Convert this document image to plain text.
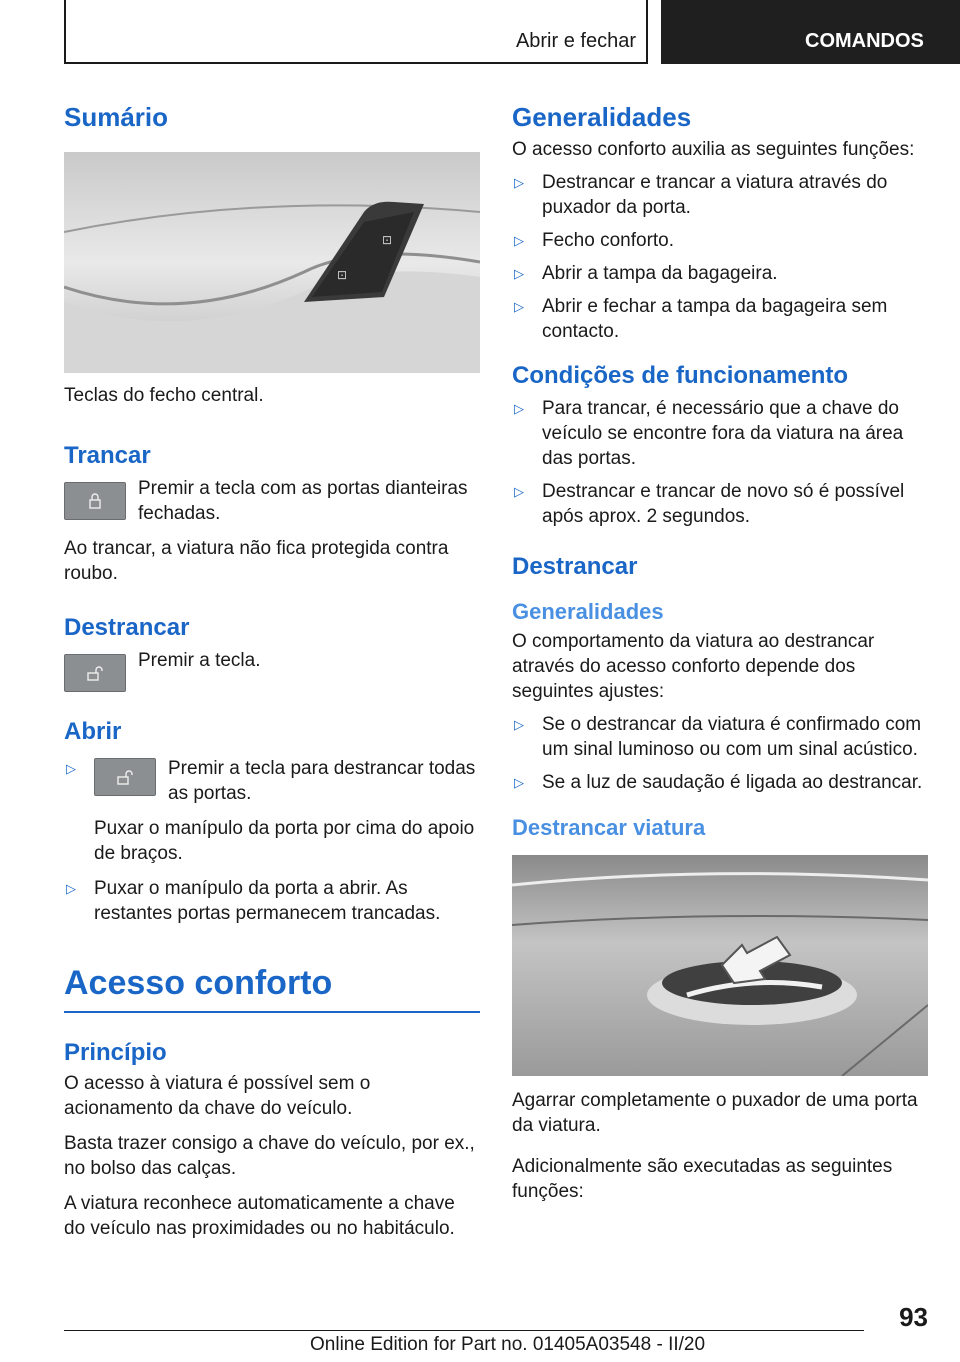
Abrir e fechar	COMANDOS
Sumário
⊡
⊡

Teclas do fecho central.

Trancar

Premir a tecla com as portas dianteiras fechadas.

Ao trancar, a viatura não fica protegida contra roubo.

Destrancar

Premir a tecla.

Abrir
▷	Premir a tecla para destrancar todas as portas.

Puxar o manípulo da porta por cima do apoio de braços.

▷ Puxar o manípulo da porta a abrir. As restantes portas permanecem trancadas.

Acesso conforto
Princípio

O acesso à viatura é possível sem o acionamento da chave do veículo.

Basta trazer consigo a chave do veículo, por ex., no bolso das calças.

A viatura reconhece automaticamente a chave do veículo nas proximidades ou no habitáculo.

Generalidades

O acesso conforto auxilia as seguintes funções:

▷ Destrancar e trancar a viatura através do puxador da porta.

▷ Fecho conforto.

▷ Abrir a tampa da bagageira.

▷ Abrir e fechar a tampa da bagageira sem contacto.

Condições de funcionamento
▷ Para trancar, é necessário que a chave do veículo se encontre fora da viatura na área das portas.

▷ Destrancar e trancar de novo só é possível após aprox. 2 segundos.

Destrancar
Generalidades

O comportamento da viatura ao destrancar através do acesso conforto depende dos seguintes ajustes:

▷ Se o destrancar da viatura é confirmado com um sinal luminoso ou com um sinal acústico.

▷ Se a luz de saudação é ligada ao destrancar.

Destrancar viatura

Agarrar completamente o puxador de uma porta da viatura.

Adicionalmente são executadas as seguintes funções:

93
Online Edition for Part no. 01405A03548 - II/20
